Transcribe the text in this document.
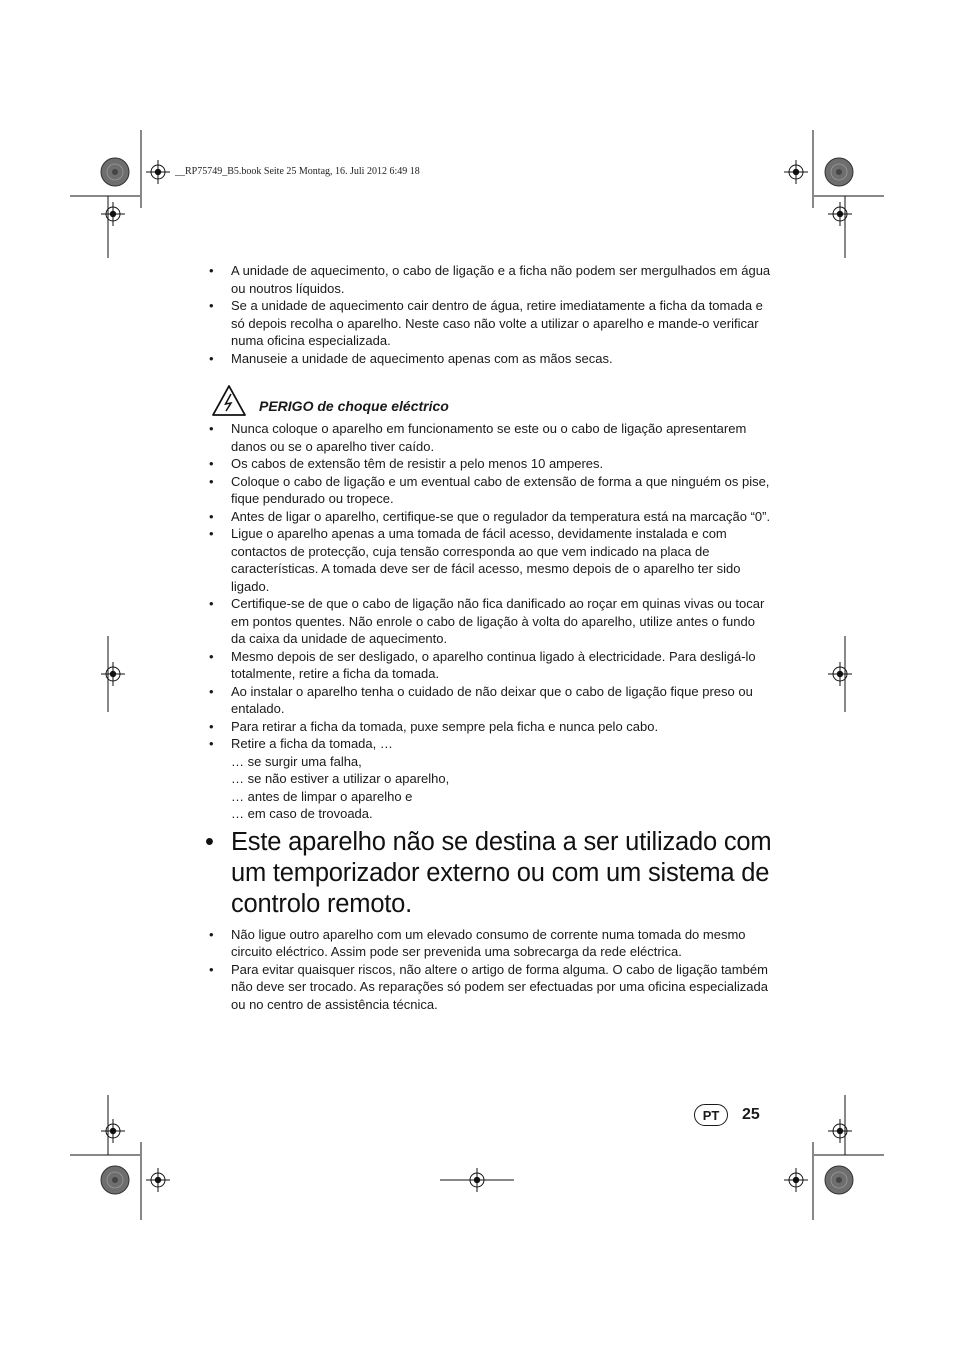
__RP75749_B5.book Seite 25 Montag, 16. Juli 2012 6:49 18
• A unidade de aquecimento, o cabo de ligação e a ficha não podem ser mergulhados em água ou noutros líquidos.
• Se a unidade de aquecimento cair dentro de água, retire imediatamente a ficha da tomada e só depois recolha o aparelho. Neste caso não volte a utilizar o aparelho e mande-o verificar numa oficina especializada.
• Manuseie a unidade de aquecimento apenas com as mãos secas.
PERIGO de choque eléctrico
• Nunca coloque o aparelho em funcionamento se este ou o cabo de ligação apresentarem danos ou se o aparelho tiver caído.
• Os cabos de extensão têm de resistir a pelo menos 10 amperes.
• Coloque o cabo de ligação e um eventual cabo de extensão de forma a que ninguém os pise, fique pendurado ou tropece.
• Antes de ligar o aparelho, certifique-se que o regulador da temperatura está na marcação “0”.
• Ligue o aparelho apenas a uma tomada de fácil acesso, devidamente instalada e com contactos de protecção, cuja tensão corresponda ao que vem indicado na placa de características. A tomada deve ser de fácil acesso, mesmo depois de o aparelho ter sido ligado.
• Certifique-se de que o cabo de ligação não fica danificado ao roçar em quinas vivas ou tocar em pontos quentes. Não enrole o cabo de ligação à volta do aparelho, utilize antes o fundo da caixa da unidade de aquecimento.
• Mesmo depois de ser desligado, o aparelho continua ligado à electricidade. Para desligá-lo totalmente, retire a ficha da tomada.
• Ao instalar o aparelho tenha o cuidado de não deixar que o cabo de ligação fique preso ou entalado.
• Para retirar a ficha da tomada, puxe sempre pela ficha e nunca pelo cabo.
• Retire a ficha da tomada, …
… se surgir uma falha,
… se não estiver a utilizar o aparelho,
… antes de limpar o aparelho e
… em caso de trovoada.
• Este aparelho não se destina a ser utilizado com um temporizador externo ou com um sistema de controlo remoto.
• Não ligue outro aparelho com um elevado consumo de corrente numa tomada do mesmo circuito eléctrico. Assim pode ser prevenida uma sobrecarga da rede eléctrica.
• Para evitar quaisquer riscos, não altere o artigo de forma alguma. O cabo de ligação também não deve ser trocado. As reparações só podem ser efectuadas por uma oficina especializada ou no centro de assistência técnica.
PT	25
